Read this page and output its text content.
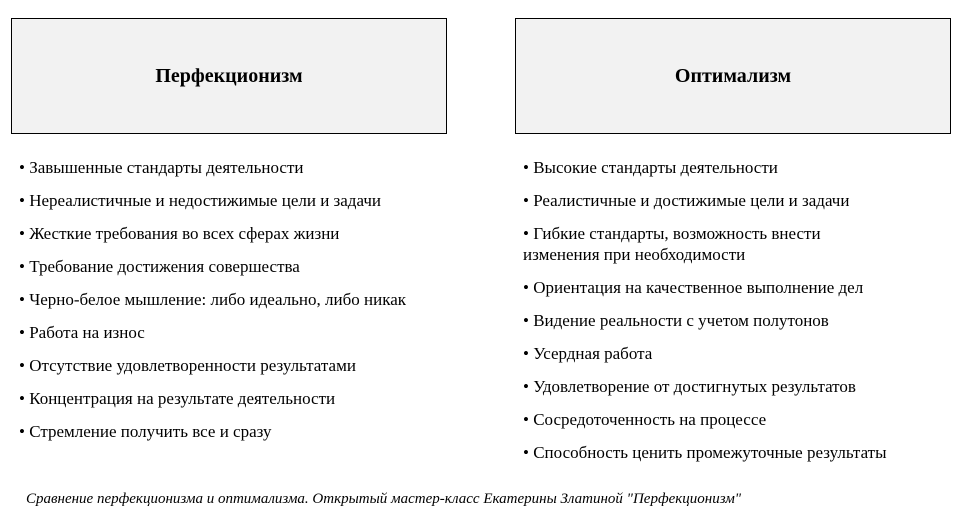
Перфекционизм
• Завышенные стандарты деятельности
• Нереалистичные и недостижимые цели и задачи
• Жесткие требования во всех сферах жизни
• Требование достижения совершества
• Черно-белое мышление: либо идеально, либо никак
• Работа на износ
• Отсутствие удовлетворенности результатами
• Концентрация на результате деятельности
• Стремление получить все и сразу
Оптимализм
• Высокие стандарты деятельности
• Реалистичные и достижимые цели и задачи
• Гибкие стандарты, возможность внести изменения при необходимости
• Ориентация на качественное выполнение дел
• Видение реальности с учетом полутонов
• Усердная работа
• Удовлетворение от достигнутых результатов
• Сосредоточенность на процессе
• Способность ценить промежуточные результаты
Сравнение перфекционизма и оптимализма. Открытый мастер-класс Екатерины Златиной "Перфекционизм"
